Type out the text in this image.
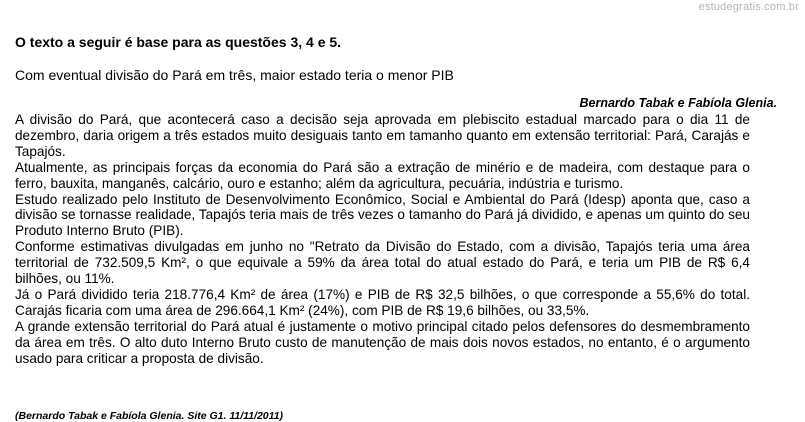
estudegratis.com.br
O texto a seguir é base para as questões 3, 4 e 5.
Com eventual divisão do Pará em três, maior estado teria o menor PIB
Bernardo Tabak e Fabíola Glenia.

A divisão do Pará, que acontecerá caso a decisão seja aprovada em plebiscito estadual marcado para o dia 11 de dezembro, daria origem a três estados muito desiguais tanto em tamanho quanto em extensão territorial: Pará, Carajás e Tapajós.

Atualmente, as principais forças da economia do Pará são a extração de minério e de madeira, com destaque para o ferro, bauxita, manganês, calcário, ouro e estanho; além da agricultura, pecuária, indústria e turismo.

Estudo realizado pelo Instituto de Desenvolvimento Econômico, Social e Ambiental do Pará (Idesp) aponta que, caso a divisão se tornasse realidade, Tapajós teria mais de três vezes o tamanho do Pará já dividido, e apenas um quinto do seu Produto Interno Bruto (PIB).

Conforme estimativas divulgadas em junho no "Retrato da Divisão do Estado, com a divisão, Tapajós teria uma área territorial de 732.509,5 Km², o que equivale a 59% da área total do atual estado do Pará, e teria um PIB de R$ 6,4 bilhões, ou 11%.

Já o Pará dividido teria 218.776,4 Km² de área (17%) e PIB de R$ 32,5 bilhões, o que corresponde a 55,6% do total. Carajás ficaria com uma área de 296.664,1 Km² (24%), com PIB de R$ 19,6 bilhões, ou 33,5%.

A grande extensão territorial do Pará atual é justamente o motivo principal citado pelos defensores do desmembramento da área em três. O alto duto Interno Bruto custo de manutenção de mais dois novos estados, no entanto, é o argumento usado para criticar a proposta de divisão.

(Bernardo Tabak e Fabíola Glenia. Site G1. 11/11/2011)
